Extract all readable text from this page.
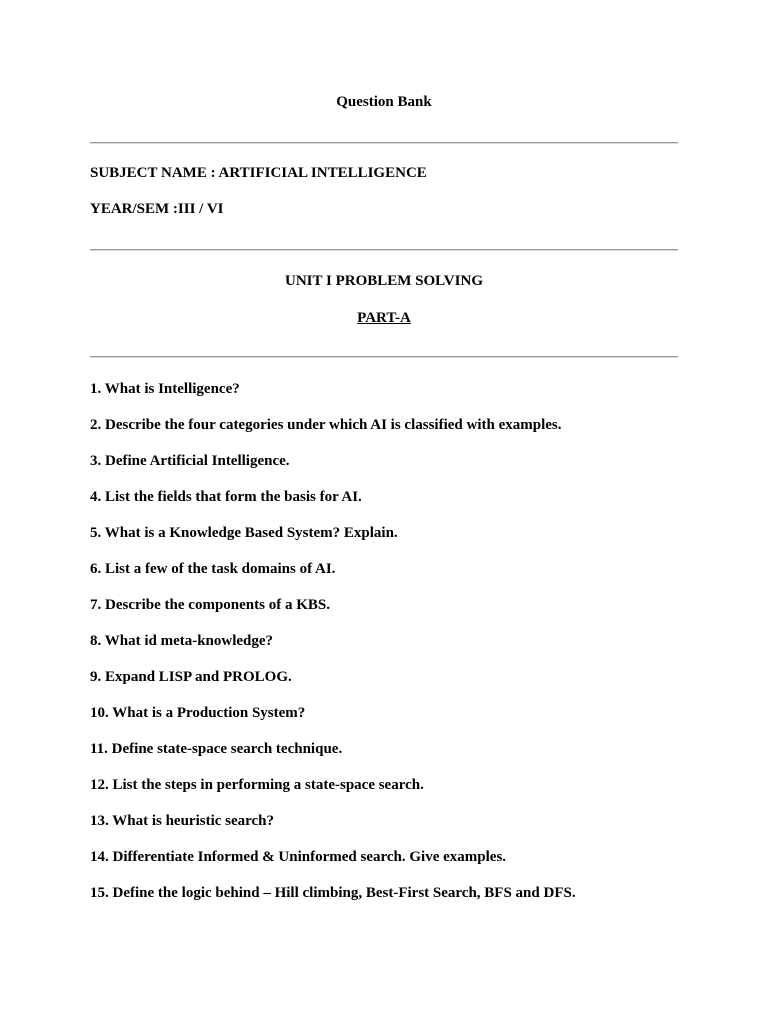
Question Bank
SUBJECT NAME : ARTIFICIAL INTELLIGENCE
YEAR/SEM :III / VI
UNIT I PROBLEM SOLVING
PART-A
1. What is Intelligence?
2. Describe the four categories under which AI is classified with examples.
3. Define Artificial Intelligence.
4. List the fields that form the basis for AI.
5. What is a Knowledge Based System? Explain.
6. List a few of the task domains of AI.
7. Describe the components of a KBS.
8. What id meta-knowledge?
9. Expand LISP and PROLOG.
10. What is a Production System?
11. Define state-space search technique.
12. List the steps in performing a state-space search.
13. What is heuristic search?
14. Differentiate Informed & Uninformed search. Give examples.
15. Define the logic behind – Hill climbing, Best-First Search, BFS and DFS.
